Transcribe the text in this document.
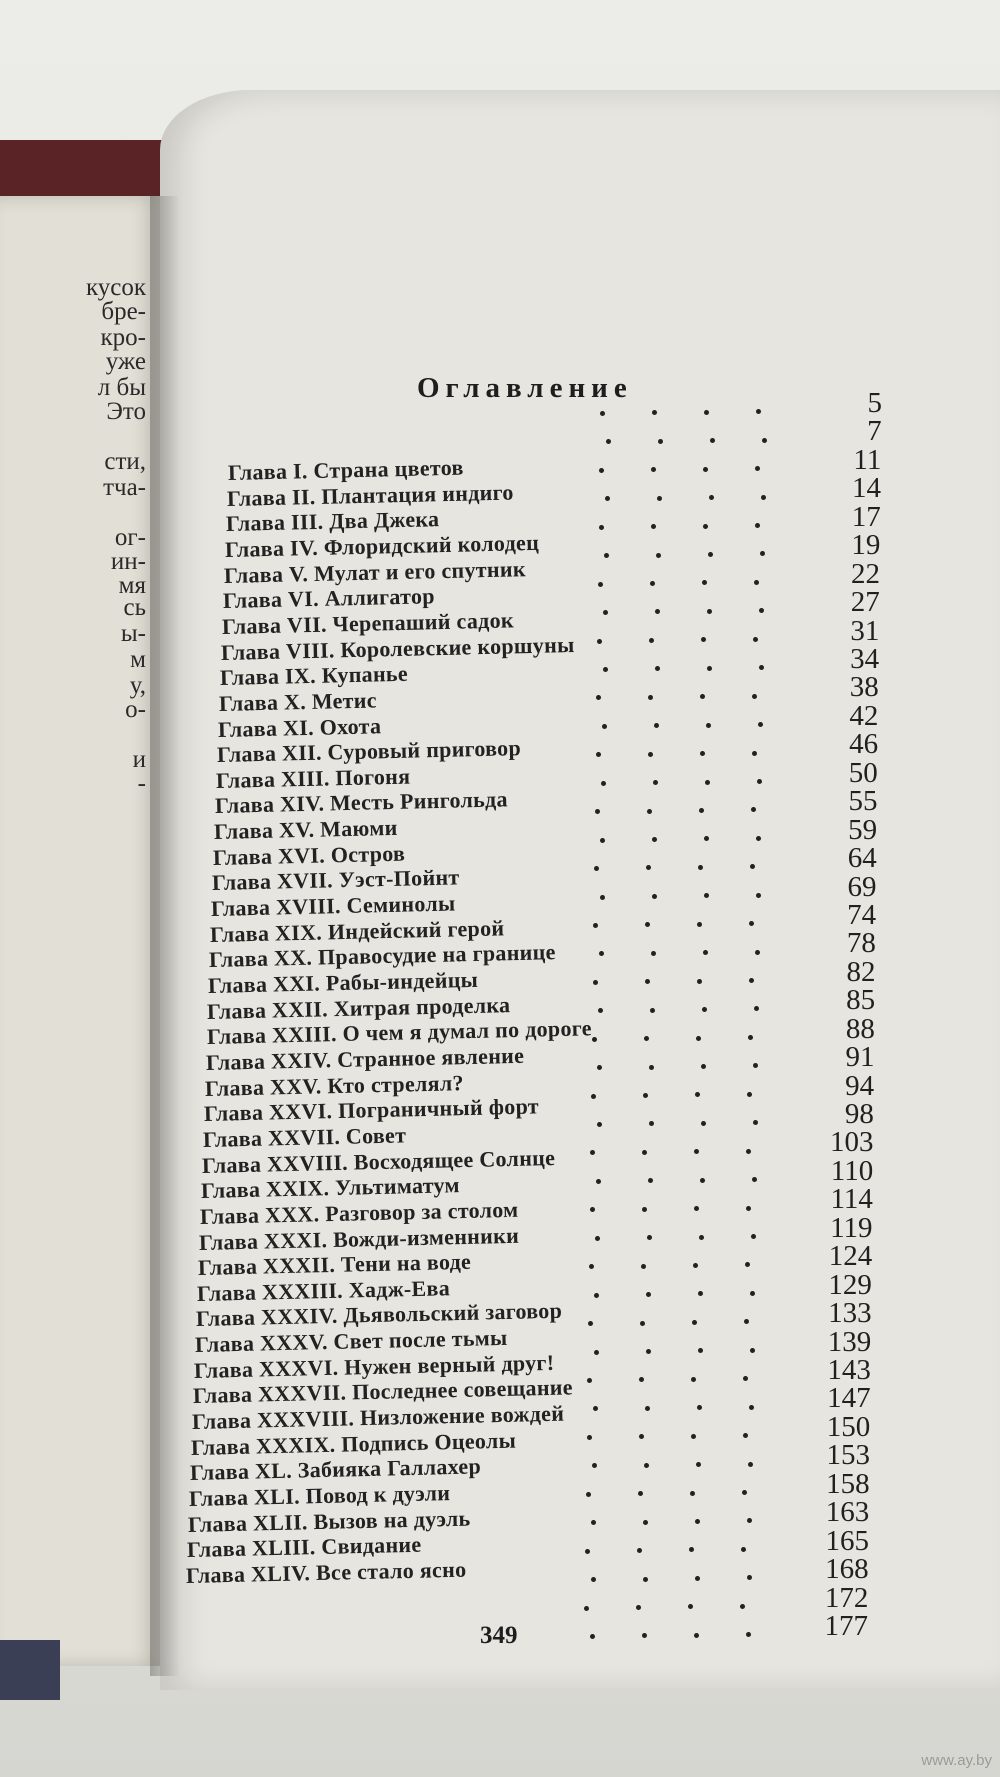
кусок
бре-
кро-
уже
л бы
Это
сти,
тча-
ог-
ин-
мя
сь
ы-
м
у,
о-
и
-
Оглавление
Глава I. Страна цветов
Глава II. Плантация индиго
Глава III. Два Джека
Глава IV. Флоридский колодец
Глава V. Мулат и его спутник
Глава VI. Аллигатор
Глава VII. Черепаший садок
Глава VIII. Королевские коршуны
Глава IX. Купанье
Глава X. Метис
Глава XI. Охота
Глава XII. Суровый приговор
Глава XIII. Погоня
Глава XIV. Месть Рингольда
Глава XV. Маюми
Глава XVI. Остров
Глава XVII. Уэст-Пойнт
Глава XVIII. Семинолы
Глава XIX. Индейский герой
Глава XX. Правосудие на границе
Глава XXI. Рабы-индейцы
Глава XXII. Хитрая проделка
Глава XXIII. О чем я думал по дороге
Глава XXIV. Странное явление
Глава XXV. Кто стрелял?
Глава XXVI. Пограничный форт
Глава XXVII. Совет
Глава XXVIII. Восходящее Солнце
Глава XXIX. Ультиматум
Глава XXX. Разговор за столом
Глава XXXI. Вожди-изменники
Глава XXXII. Тени на воде
Глава XXXIII. Хадж-Ева
Глава XXXIV. Дьявольский заговор
Глава XXXV. Свет после тьмы
Глава XXXVI. Нужен верный друг!
Глава XXXVII. Последнее совещание
Глава XXXVIII. Низложение вождей
Глава XXXIX. Подпись Оцеолы
Глава XL. Забияка Галлахер
Глава XLI. Повод к дуэли
Глава XLII. Вызов на дуэль
Глава XLIII. Свидание
Глава XLIV. Все стало ясно
5
7
11
14
17
19
22
27
31
34
38
42
46
50
55
59
64
69
74
78
82
85
88
91
94
98
103
110
114
119
124
129
133
139
143
147
150
153
158
163
165
168
172
177
349
www.ay.by
